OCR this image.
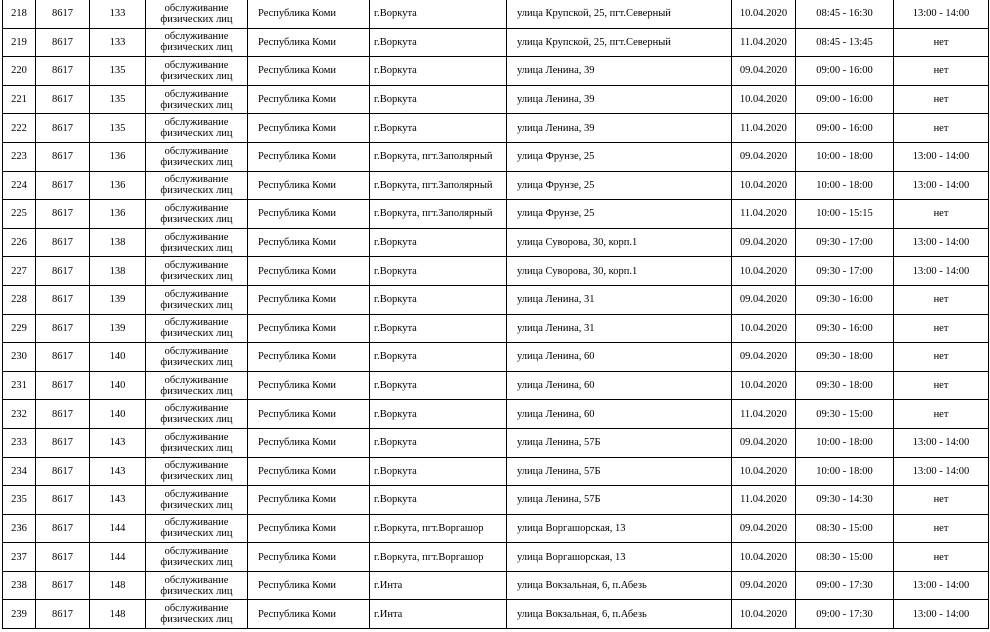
218	8617	133	обслуживание
физических лиц	Республика Коми	г.Воркута	улица Крупской, 25, пгт.Северный	10.04.2020	08:45 - 16:30	13:00 - 14:00
219	8617	133	обслуживание
физических лиц	Республика Коми	г.Воркута	улица Крупской, 25, пгт.Северный	11.04.2020	08:45 - 13:45	нет
220	8617	135	обслуживание
физических лиц	Республика Коми	г.Воркута	улица Ленина, 39	09.04.2020	09:00 - 16:00	нет
221	8617	135	обслуживание
физических лиц	Республика Коми	г.Воркута	улица Ленина, 39	10.04.2020	09:00 - 16:00	нет
222	8617	135	обслуживание
физических лиц	Республика Коми	г.Воркута	улица Ленина, 39	11.04.2020	09:00 - 16:00	нет
223	8617	136	обслуживание
физических лиц	Республика Коми	г.Воркута, пгт.Заполярный	улица Фрунзе, 25	09.04.2020	10:00 - 18:00	13:00 - 14:00
224	8617	136	обслуживание
физических лиц	Республика Коми	г.Воркута, пгт.Заполярный	улица Фрунзе, 25	10.04.2020	10:00 - 18:00	13:00 - 14:00
225	8617	136	обслуживание
физических лиц	Республика Коми	г.Воркута, пгт.Заполярный	улица Фрунзе, 25	11.04.2020	10:00 - 15:15	нет
226	8617	138	обслуживание
физических лиц	Республика Коми	г.Воркута	улица Суворова, 30, корп.1	09.04.2020	09:30 - 17:00	13:00 - 14:00
227	8617	138	обслуживание
физических лиц	Республика Коми	г.Воркута	улица Суворова, 30, корп.1	10.04.2020	09:30 - 17:00	13:00 - 14:00
228	8617	139	обслуживание
физических лиц	Республика Коми	г.Воркута	улица Ленина, 31	09.04.2020	09:30 - 16:00	нет
229	8617	139	обслуживание
физических лиц	Республика Коми	г.Воркута	улица Ленина, 31	10.04.2020	09:30 - 16:00	нет
230	8617	140	обслуживание
физических лиц	Республика Коми	г.Воркута	улица Ленина, 60	09.04.2020	09:30 - 18:00	нет
231	8617	140	обслуживание
физических лиц	Республика Коми	г.Воркута	улица Ленина, 60	10.04.2020	09:30 - 18:00	нет
232	8617	140	обслуживание
физических лиц	Республика Коми	г.Воркута	улица Ленина, 60	11.04.2020	09:30 - 15:00	нет
233	8617	143	обслуживание
физических лиц	Республика Коми	г.Воркута	улица Ленина, 57Б	09.04.2020	10:00 - 18:00	13:00 - 14:00
234	8617	143	обслуживание
физических лиц	Республика Коми	г.Воркута	улица Ленина, 57Б	10.04.2020	10:00 - 18:00	13:00 - 14:00
235	8617	143	обслуживание
физических лиц	Республика Коми	г.Воркута	улица Ленина, 57Б	11.04.2020	09:30 - 14:30	нет
236	8617	144	обслуживание
физических лиц	Республика Коми	г.Воркута, пгт.Воргашор	улица Воргашорская, 13	09.04.2020	08:30 - 15:00	нет
237	8617	144	обслуживание
физических лиц	Республика Коми	г.Воркута, пгт.Воргашор	улица Воргашорская, 13	10.04.2020	08:30 - 15:00	нет
238	8617	148	обслуживание
физических лиц	Республика Коми	г.Инта	улица Вокзальная, 6, п.Абезь	09.04.2020	09:00 - 17:30	13:00 - 14:00
239	8617	148	обслуживание
физических лиц	Республика Коми	г.Инта	улица Вокзальная, 6, п.Абезь	10.04.2020	09:00 - 17:30	13:00 - 14:00
